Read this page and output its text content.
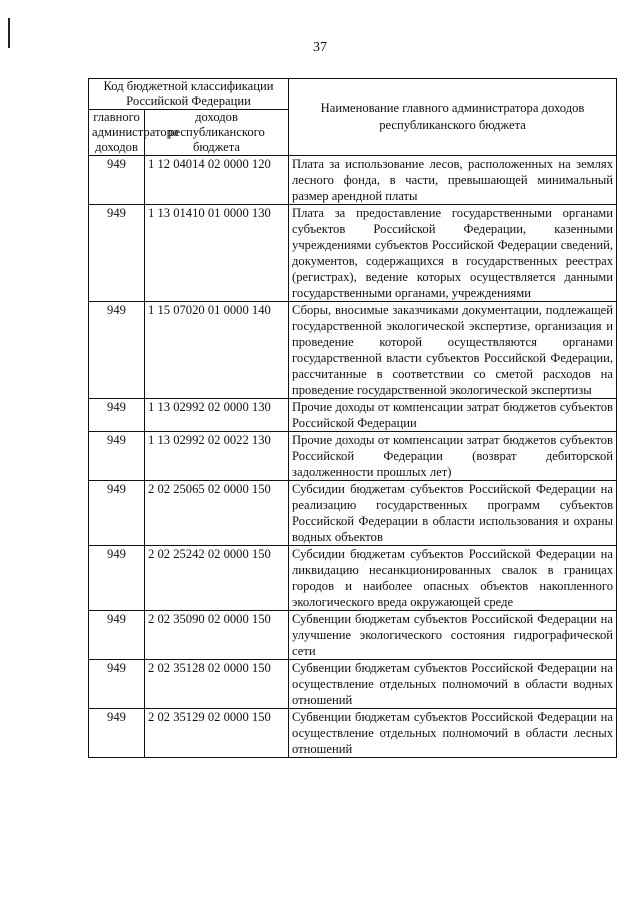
37
Код бюджетной классификации Российской Федерации		Наименование главного администратора доходов республиканского бюджета
главного администратора доходов	доходов республиканского бюджета	
949	1 12 04014 02 0000 120	Плата за использование лесов, расположенных на землях лесного фонда, в части, превышающей минимальный размер арендной платы
949	1 13 01410 01 0000 130	Плата за предоставление государственными органами субъектов Российской Федерации, казенными учреждениями субъектов Российской Федерации сведений, документов, содержащихся в государственных реестрах (регистрах), ведение которых осуществляется данными государственными органами, учреждениями
949	1 15 07020 01 0000 140	Сборы, вносимые заказчиками документации, подлежащей государственной экологической экспертизе, организация и проведение которой осуществляются органами государственной власти субъектов Российской Федерации, рассчитанные в соответствии со сметой расходов на проведение государственной экологической экспертизы
949	1 13 02992 02 0000 130	Прочие доходы от компенсации затрат бюджетов субъектов Российской Федерации
949	1 13 02992 02 0022 130	Прочие доходы от компенсации затрат бюджетов субъектов Российской Федерации (возврат дебиторской задолженности прошлых лет)
949	2 02 25065 02 0000 150	Субсидии бюджетам субъектов Российской Федерации на реализацию государственных программ субъектов Российской Федерации в области использования и охраны водных объектов
949	2 02 25242 02 0000 150	Субсидии бюджетам субъектов Российской Федерации на ликвидацию несанкционированных свалок в границах городов и наиболее опасных объектов накопленного экологического вреда окружающей среде
949	2 02 35090 02 0000 150	Субвенции бюджетам субъектов Российской Федерации на улучшение экологического состояния гидрографической сети
949	2 02 35128 02 0000 150	Субвенции бюджетам субъектов Российской Федерации на осуществление отдельных полномочий в области водных отношений
949	2 02 35129 02 0000 150	Субвенции бюджетам субъектов Российской Федерации на осуществление отдельных полномочий в области лесных отношений
